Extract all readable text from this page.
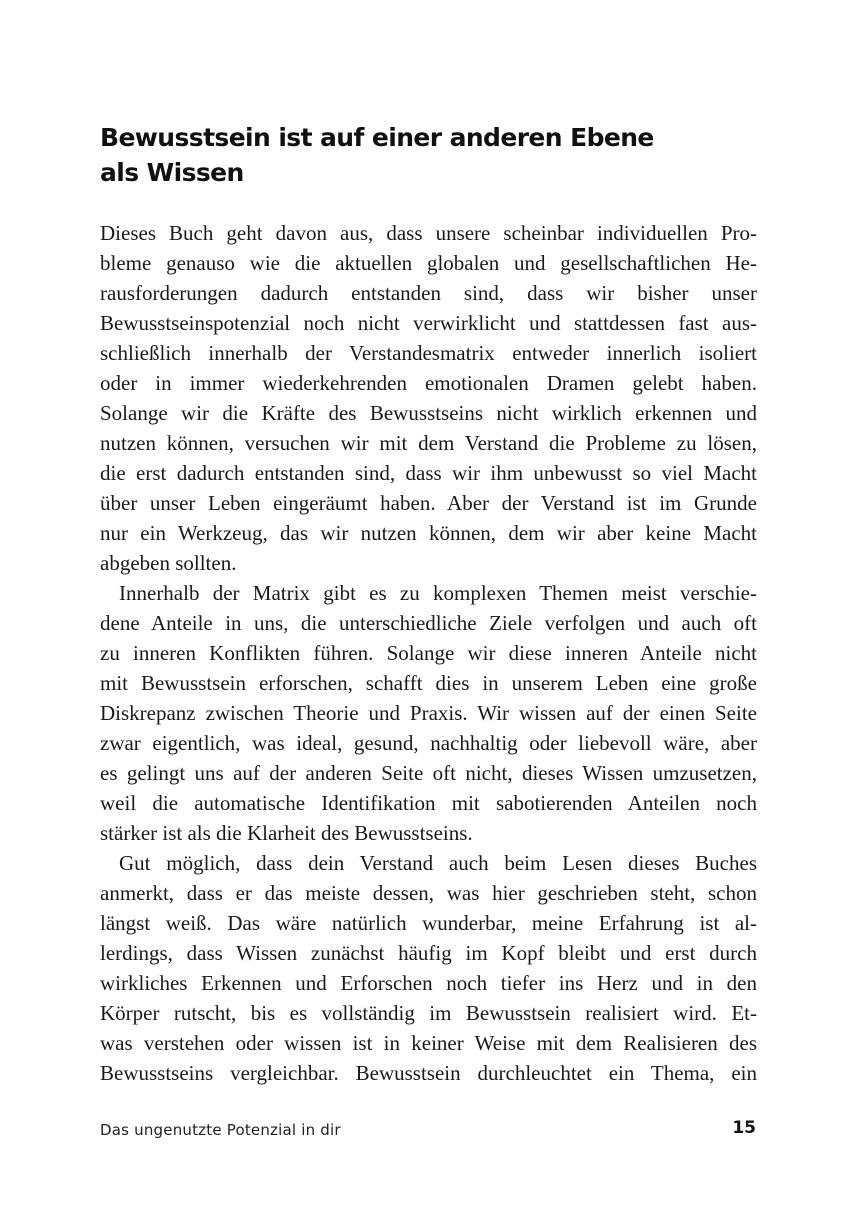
Bewusstsein ist auf einer anderen Ebene
als Wissen
Dieses Buch geht davon aus, dass unsere scheinbar individuellen Pro-
bleme genauso wie die aktuellen globalen und gesellschaftlichen He-
rausforderungen dadurch entstanden sind, dass wir bisher unser
Bewusstseinspotenzial noch nicht verwirklicht und stattdessen fast aus-
schließlich innerhalb der Verstandesmatrix entweder innerlich isoliert
oder in immer wiederkehrenden emotionalen Dramen gelebt haben.
Solange wir die Kräfte des Bewusstseins nicht wirklich erkennen und
nutzen können, versuchen wir mit dem Verstand die Probleme zu lösen,
die erst dadurch entstanden sind, dass wir ihm unbewusst so viel Macht
über unser Leben eingeräumt haben. Aber der Verstand ist im Grunde
nur ein Werkzeug, das wir nutzen können, dem wir aber keine Macht
abgeben sollten.
Innerhalb der Matrix gibt es zu komplexen Themen meist verschie-
dene Anteile in uns, die unterschiedliche Ziele verfolgen und auch oft
zu inneren Konflikten führen. Solange wir diese inneren Anteile nicht
mit Bewusstsein erforschen, schafft dies in unserem Leben eine große
Diskrepanz zwischen Theorie und Praxis. Wir wissen auf der einen Seite
zwar eigentlich, was ideal, gesund, nachhaltig oder liebevoll wäre, aber
es gelingt uns auf der anderen Seite oft nicht, dieses Wissen umzusetzen,
weil die automatische Identifikation mit sabotierenden Anteilen noch
stärker ist als die Klarheit des Bewusstseins.
Gut möglich, dass dein Verstand auch beim Lesen dieses Buches
anmerkt, dass er das meiste dessen, was hier geschrieben steht, schon
längst weiß. Das wäre natürlich wunderbar, meine Erfahrung ist al-
lerdings, dass Wissen zunächst häufig im Kopf bleibt und erst durch
wirkliches Erkennen und Erforschen noch tiefer ins Herz und in den
Körper rutscht, bis es vollständig im Bewusstsein realisiert wird. Et-
was verstehen oder wissen ist in keiner Weise mit dem Realisieren des
Bewusstseins vergleichbar. Bewusstsein durchleuchtet ein Thema, ein
Das ungenutzte Potenzial in dir	15
